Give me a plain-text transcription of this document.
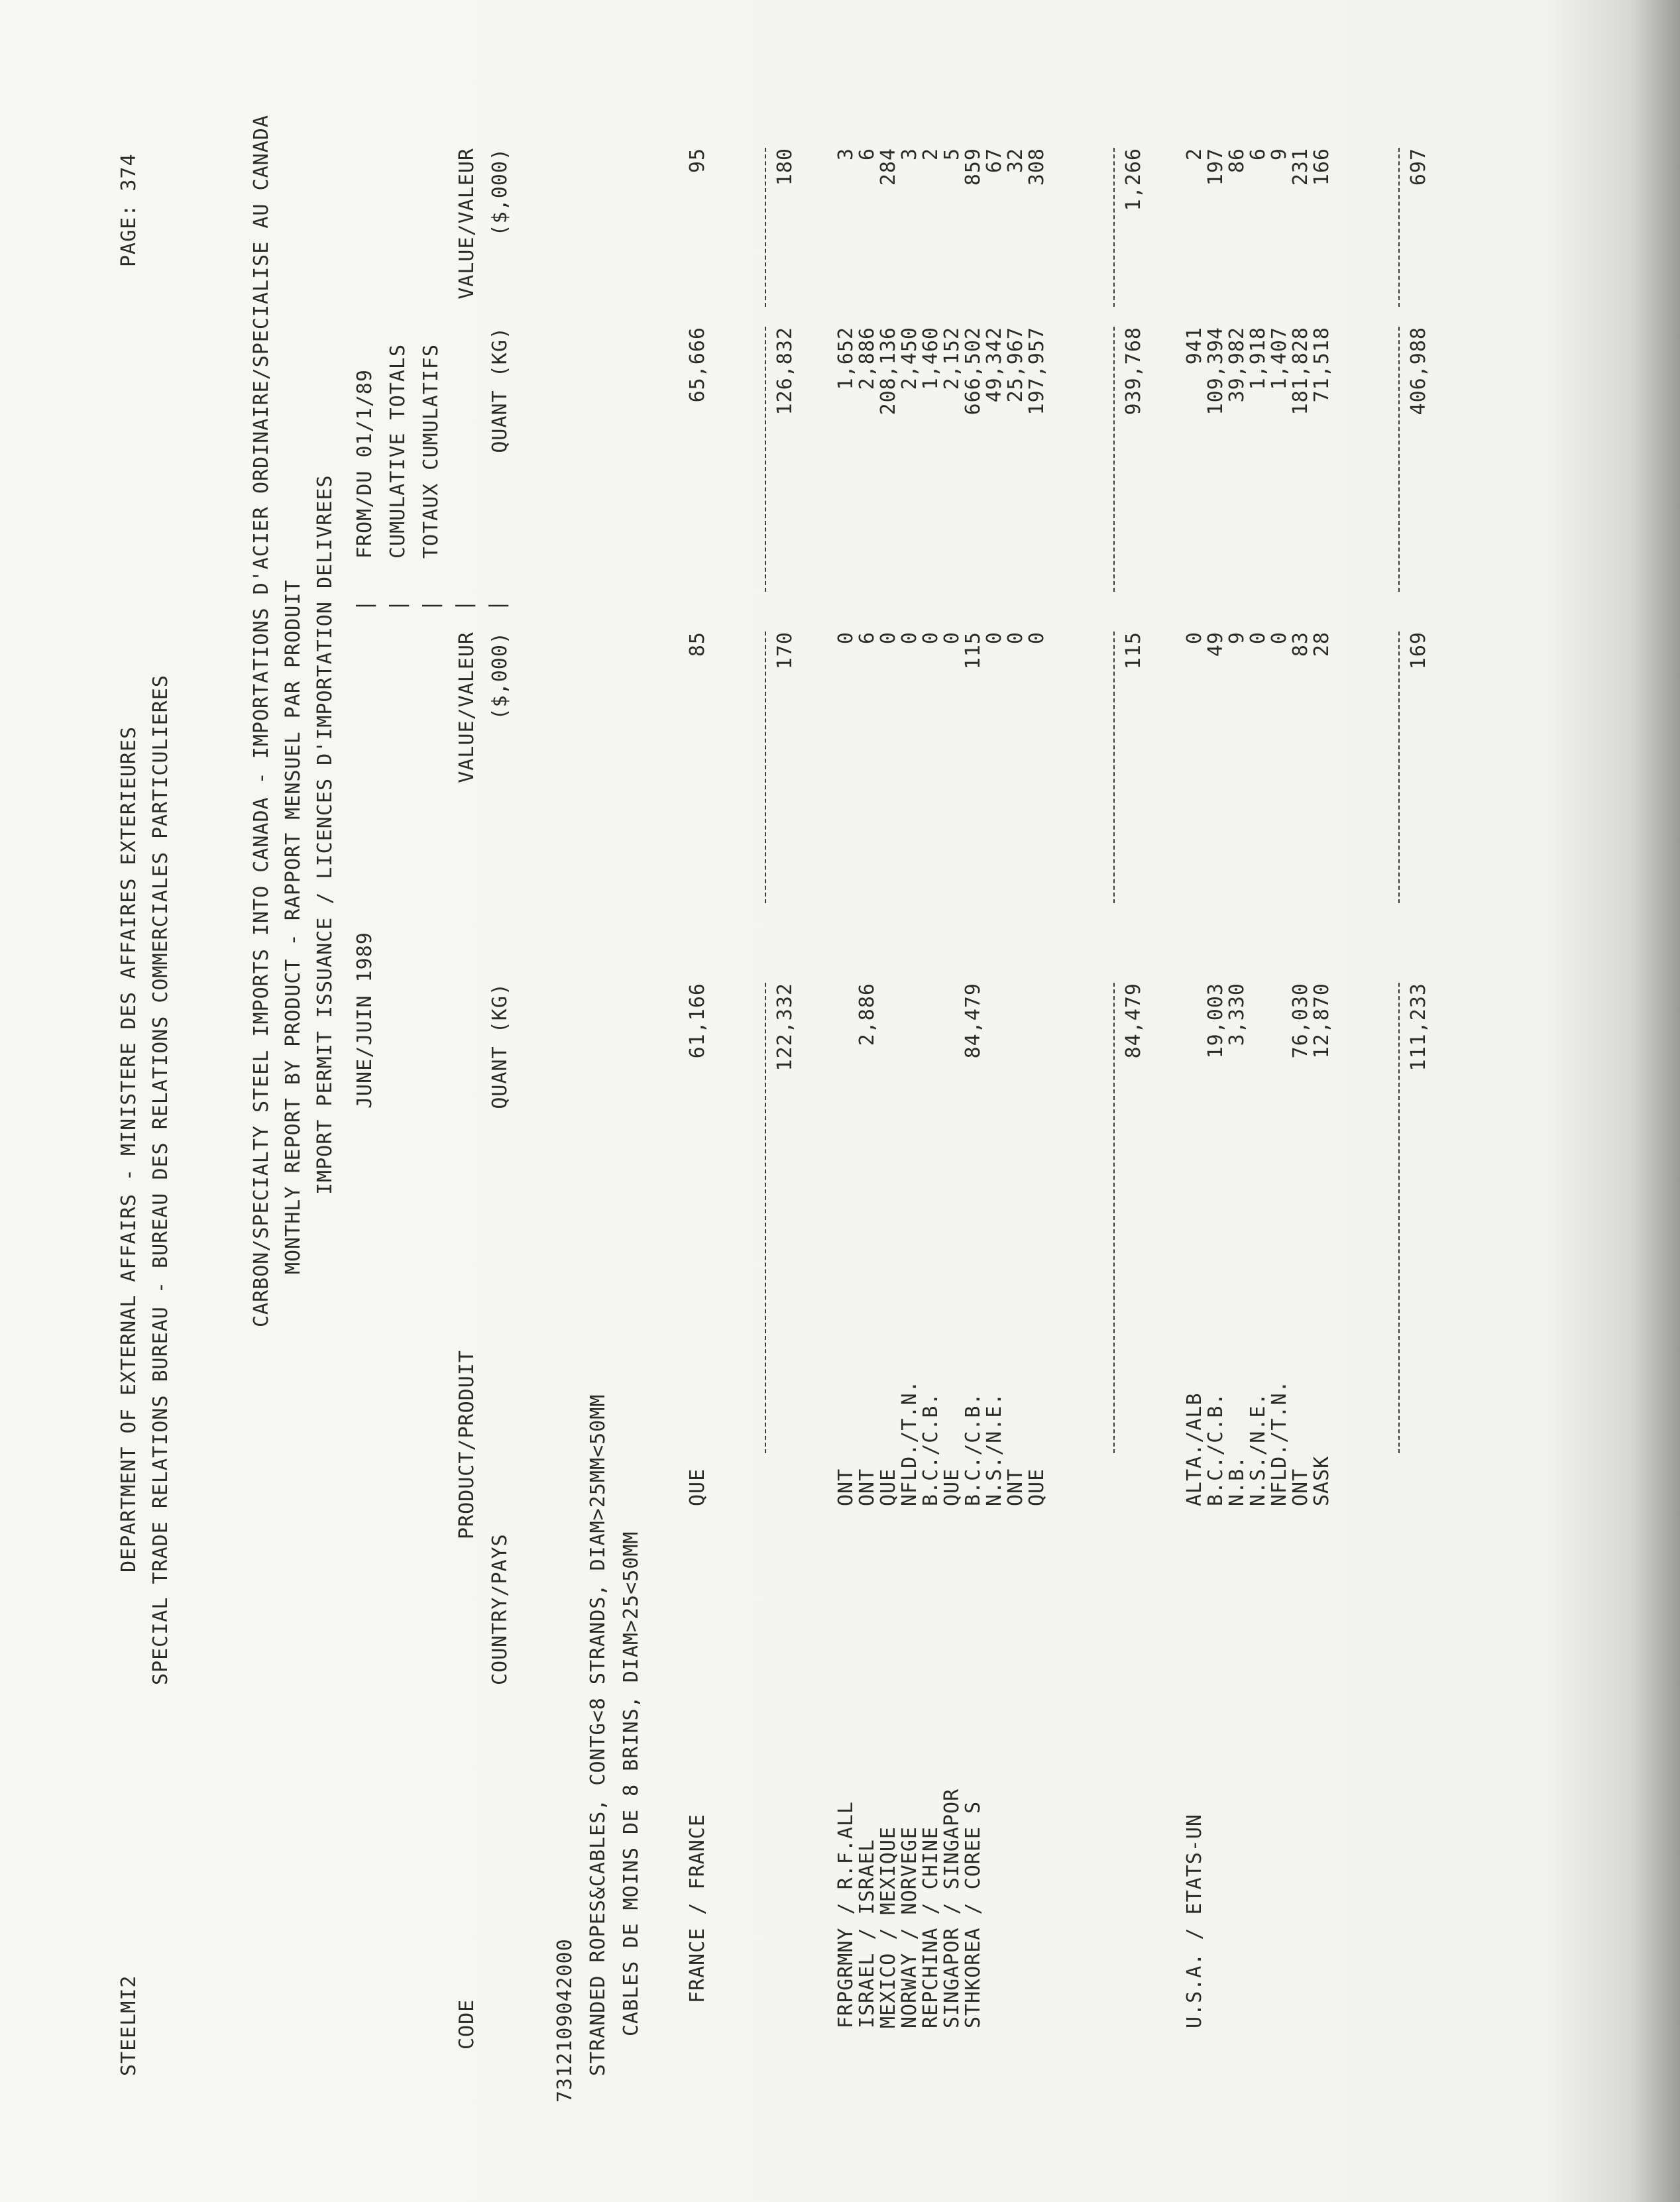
STEELMI2
DEPARTMENT OF EXTERNAL AFFAIRS - MINISTERE DES AFFAIRES EXTERIEURES SPECIAL TRADE RELATIONS BUREAU - BUREAU DES RELATIONS COMMERCIALES PARTICULIERES
PAGE: 374	CARBON/SPECIALTY STEEL IMPORTS INTO CANADA - IMPORTATIONS D'ACIER ORDINAIRE/SPECIALISE AU CANADA MONTHLY REPORT BY PRODUCT - RAPPORT MENSUEL PAR PRODUIT IMPORT PERMIT ISSUANCE / LICENCES D'IMPORTATION DELIVREES JUNE/JUIN 1989
FROM/DU 01/1/89 CUMULATIVE TOTALS TOTAUX CUMULATIFS
| | | | |
CODE
PRODUCT/PRODUIT
COUNTRY/PAYS
VALUE/VALEUR
QUANT (KG)
($,000)
VALUE/VALEUR
QUANT (KG)
($,000)
7312109042000 STRANDED ROPES&CABLES, CONTG<8 STRANDS, DIAM>25MM<50MM CABLES DE MOINS DE 8 BRINS, DIAM>25<50MM FRANCE / FRANCE
QUE
61,166
85
65,666
95
122,332
170
126,832
180
FRPGRMNY / R.F.ALL
ONT
0
1,652
3
ISRAEL / ISRAEL
ONT
2,886
6
2,886
6
MEXICO / MEXIQUE
QUE
0
208,136
284
NORWAY / NORVEGE
NFLD./T.N.
0
2,450
3
REPCHINA / CHINE
B.C./C.B.
0
1,460
2
SINGAPOR / SINGAPOR
QUE
0
2,152
5
STHKOREA / COREE S
B.C./C.B.
84,479
115
666,502
859
N.S./N.E.
0
49,342
67
ONT
0
25,967
32
QUE
0
197,957
308
84,479
115
939,768
1,266
U.S.A. / ETATS-UN
ALTA./ALB
0
941
2
B.C./C.B.
19,003
49
109,394
197
N.B.
3,330
9
39,982
86
N.S./N.E.
0
1,918
6
NFLD./T.N.
0
1,407
9
ONT
76,030
83
181,828
231
SASK
12,870
28
71,518
166
111,233
169
406,988
697
